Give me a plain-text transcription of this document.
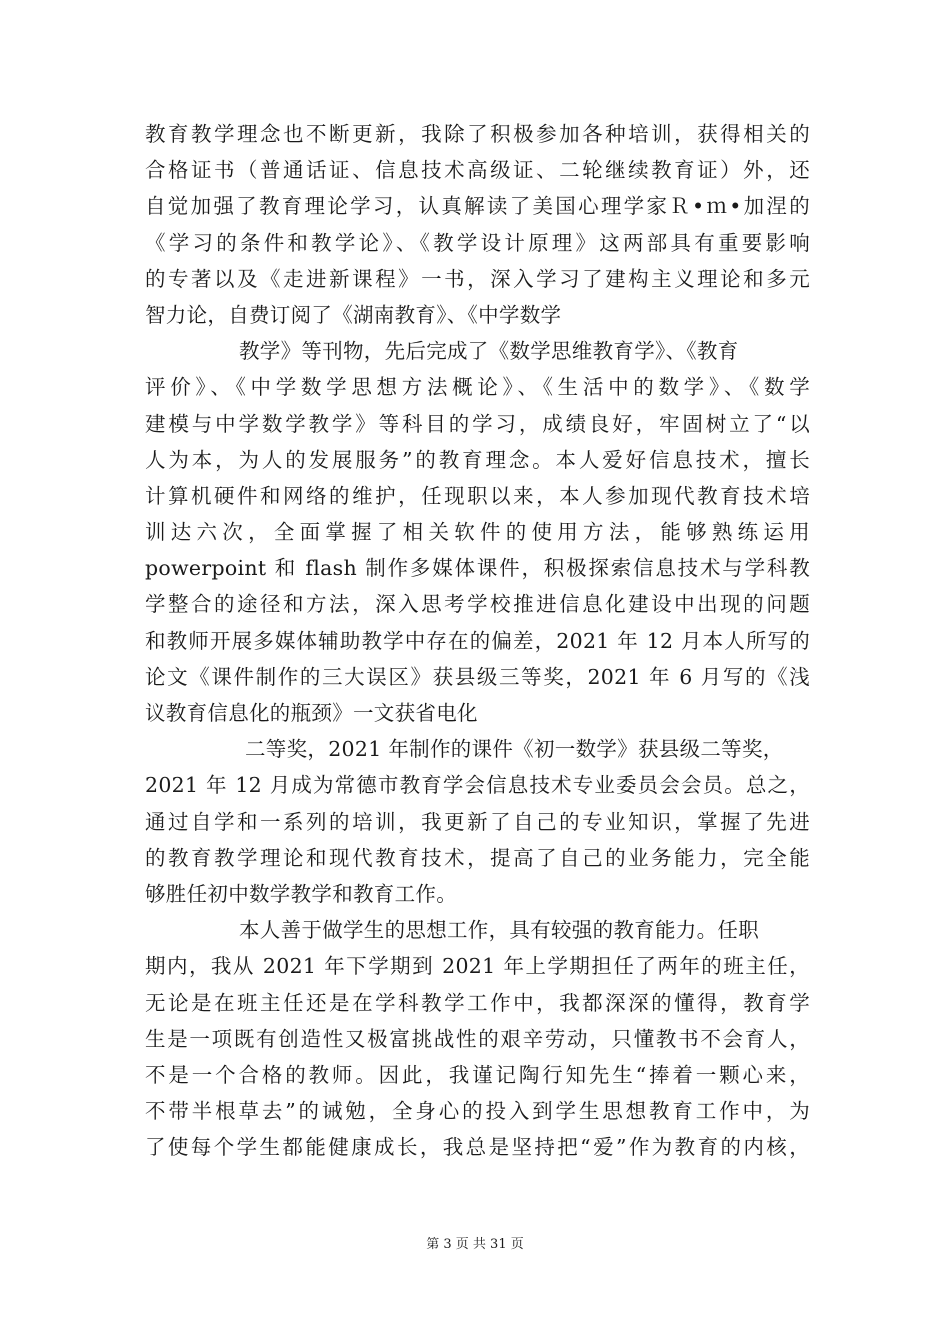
教育教学理念也不断更新，我除了积极参加各种培训，获得相关的
合格证书（普通话证、信息技术高级证、二轮继续教育证）外，还
自觉加强了教育理论学习，认真解读了美国心理学家Ｒ•ｍ•加涅的
《学习的条件和教学论》、《教学设计原理》这两部具有重要影响
的专著以及《走进新课程》一书，深入学习了建构主义理论和多元
智力论，自费订阅了《湖南教育》、《中学数学
教学》等刊物，先后完成了《数学思维教育学》、《教育
评价》、《中学数学思想方法概论》、《生活中的数学》、《数学
建模与中学数学教学》等科目的学习，成绩良好，牢固树立了“以
人为本，为人的发展服务”的教育理念。本人爱好信息技术，擅长
计算机硬件和网络的维护，任现职以来，本人参加现代教育技术培
训达六次，全面掌握了相关软件的使用方法，能够熟练运用
powerpoint 和 flash 制作多媒体课件，积极探索信息技术与学科教
学整合的途径和方法，深入思考学校推进信息化建设中出现的问题
和教师开展多媒体辅助教学中存在的偏差，2021 年 12 月本人所写的
论文《课件制作的三大误区》获县级三等奖，2021 年 6 月写的《浅
议教育信息化的瓶颈》一文获省电化
二等奖，2021 年制作的课件《初一数学》获县级二等奖，
2021 年 12 月成为常德市教育学会信息技术专业委员会会员。总之，
通过自学和一系列的培训，我更新了自己的专业知识，掌握了先进
的教育教学理论和现代教育技术，提高了自己的业务能力，完全能
够胜任初中数学教学和教育工作。
本人善于做学生的思想工作，具有较强的教育能力。任职
期内，我从 2021 年下学期到 2021 年上学期担任了两年的班主任，
无论是在班主任还是在学科教学工作中，我都深深的懂得，教育学
生是一项既有创造性又极富挑战性的艰辛劳动，只懂教书不会育人，
不是一个合格的教师。因此，我谨记陶行知先生“捧着一颗心来，
不带半根草去”的诫勉，全身心的投入到学生思想教育工作中，为
了使每个学生都能健康成长，我总是坚持把“爱”作为教育的内核，
第 3 页 共 31 页
